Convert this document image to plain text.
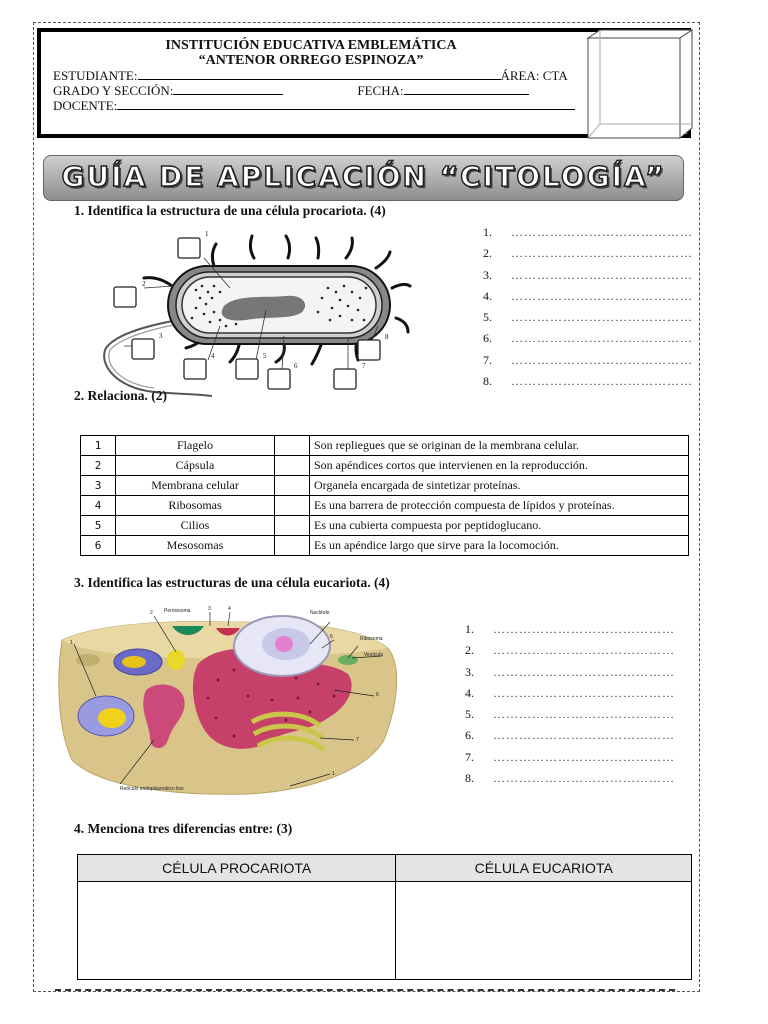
INSTITUCIÓN EDUCATIVA EMBLEMÁTICA
“ANTENOR ORREGO ESPINOZA”
ESTUDIANTE:	ÁREA: CTA
GRADO Y SECCIÓN:	FECHA:
DOCENTE:
GUÍA DE APLICACIÓN “CITOLOGÍA”
1. Identifica la estructura de una célula procariota. (4)
1
2
3
4	5
6	7
8
1. ……………………………………
2. ……………………………………
3. ……………………………………
4. ……………………………………
5. ……………………………………
6. ……………………………………
7. ……………………………………
8. ……………………………………
2. Relaciona. (2)
1	Flagelo		Son repliegues que se originan de la membrana celular.
2	Cápsula		Son apéndices cortos que intervienen en la reproducción.
3	Membrana celular		Organela encargada de sintetizar proteínas.
4	Ribosomas		Es una barrera de protección compuesta de lípidos y proteínas.
5	Cilios		Es una cubierta compuesta por peptidoglucano.
6	Mesosomas		Es un apéndice largo que sirve para la locomoción.
3. Identifica las estructuras de una célula eucariota. (4)
Peroxisoma	Nucléolo
Ribosoma
Vesícula
Retículo endoplasmático liso
1
2
3	4
5
6
7
1
1. ……………………………………
2. ……………………………………
3. ……………………………………
4. ……………………………………
5. ……………………………………
6. ……………………………………
7. ……………………………………
8. ……………………………………
4. Menciona tres diferencias entre: (3)
CÉLULA PROCARIOTA	CÉLULA EUCARIOTA
